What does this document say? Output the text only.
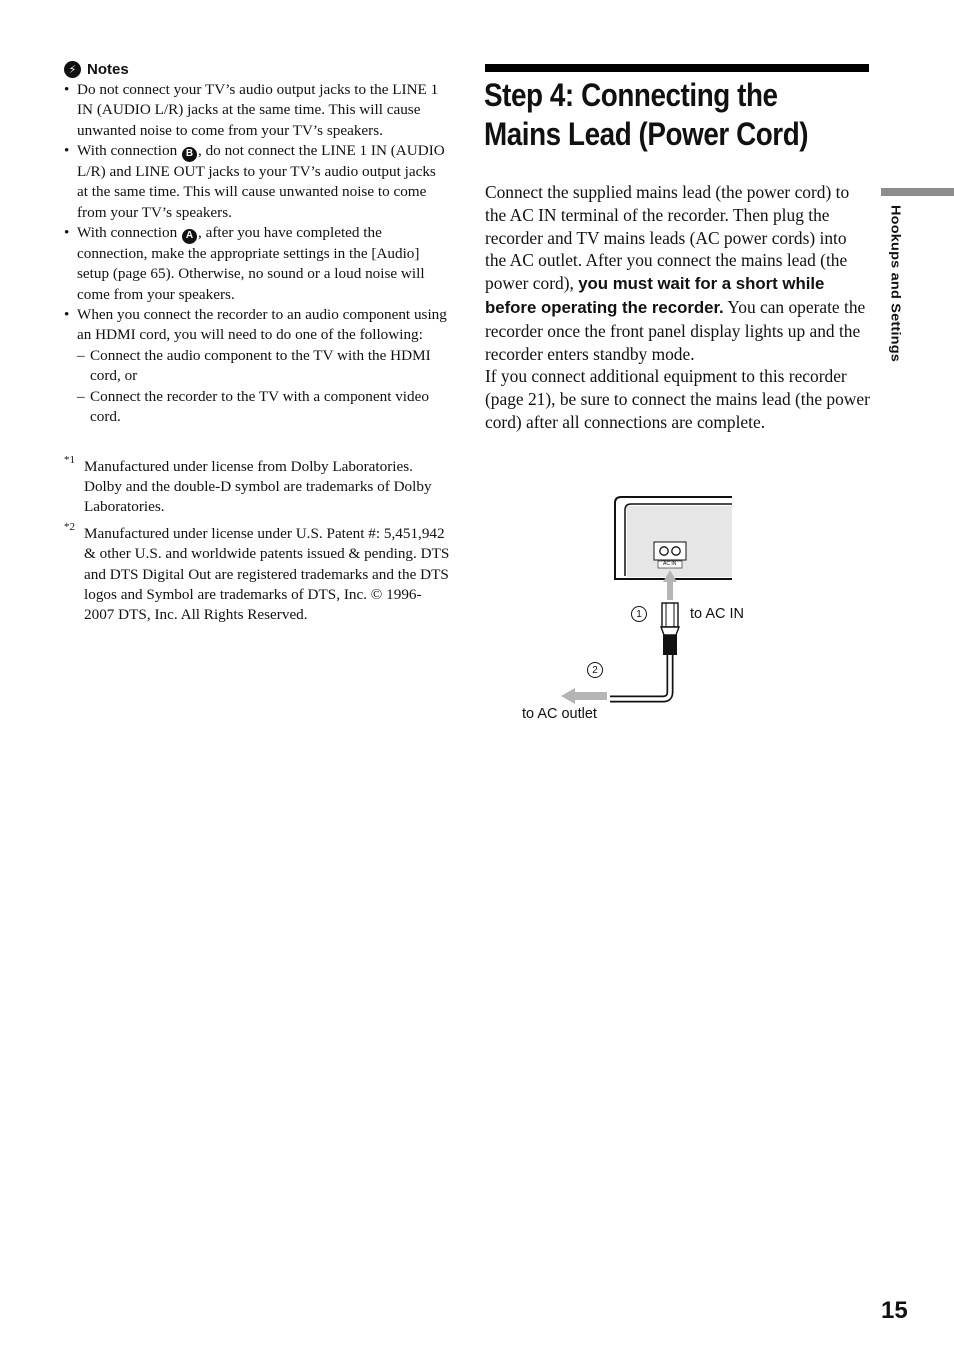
⚡ Notes
• Do not connect your TV’s audio output jacks to the LINE 1 IN (AUDIO L/R) jacks at the same time. This will cause unwanted noise to come from your TV’s speakers.
• With connection B , do not connect the LINE 1 IN (AUDIO L/R) and LINE OUT jacks to your TV’s audio output jacks at the same time. This will cause unwanted noise to come from your TV’s speakers.
• With connection A , after you have completed the connection, make the appropriate settings in the [Audio] setup (page 65). Otherwise, no sound or a loud noise will come from your speakers.
• When you connect the recorder to an audio component using an HDMI cord, you will need to do one of the following:
– Connect the audio component to the TV with the HDMI cord, or
– Connect the recorder to the TV with a component video cord.
*1 Manufactured under license from Dolby Laboratories.
Dolby and the double-D symbol are trademarks of Dolby Laboratories.
*2 Manufactured under license under U.S. Patent #: 5,451,942 & other U.S. and worldwide patents issued & pending. DTS and DTS Digital Out are registered trademarks and the DTS logos and Symbol are trademarks of DTS, Inc. © 1996-2007 DTS, Inc. All Rights Reserved.
Step 4: Connecting the
Mains Lead (Power Cord)

Connect the supplied mains lead (the power cord) to the AC IN terminal of the recorder. Then plug the recorder and TV mains leads (AC power cords) into the AC outlet. After you connect the mains lead (the power cord), you must wait for a short while before operating the recorder. You can operate the recorder once the front panel display lights up and the recorder enters standby mode.

If you connect additional equipment to this recorder (page 21), be sure to connect the mains lead (the power cord) after all connections are complete.

AC IN
1	to AC IN
2
to AC outlet
Hookups and Settings
15
